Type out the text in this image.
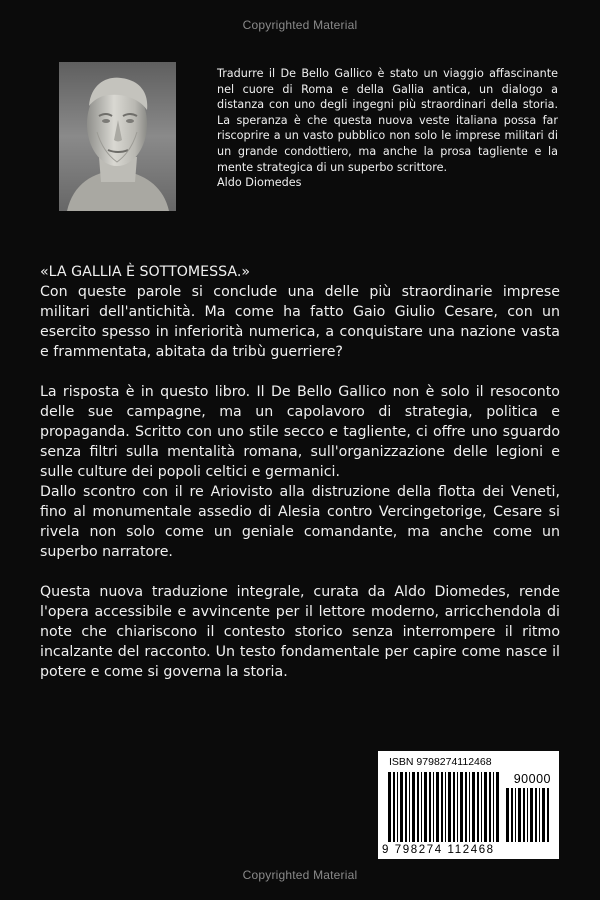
Copyrighted Material

Tradurre il De Bello Gallico è stato un viaggio affascinante nel cuore di Roma e della Gallia antica, un dialogo a distanza con uno degli ingegni più straordinari della storia. La speranza è che questa nuova veste italiana possa far riscoprire a un vasto pubblico non solo le imprese militari di un grande condottiero, ma anche la prosa tagliente e la mente strategica di un superbo scrittore.

Aldo Diomedes

«LA GALLIA È SOTTOMESSA.»

Con queste parole si conclude una delle più straordinarie imprese militari dell'antichità. Ma come ha fatto Gaio Giulio Cesare, con un esercito spesso in inferiorità numerica, a conquistare una nazione vasta e frammentata, abitata da tribù guerriere?

La risposta è in questo libro. Il De Bello Gallico non è solo il resoconto delle sue campagne, ma un capolavoro di strategia, politica e propaganda. Scritto con uno stile secco e tagliente, ci offre uno sguardo senza filtri sulla mentalità romana, sull'organizzazione delle legioni e sulle culture dei popoli celtici e germanici.

Dallo scontro con il re Ariovisto alla distruzione della flotta dei Veneti, fino al monumentale assedio di Alesia contro Vercingetorige, Cesare si rivela non solo come un geniale comandante, ma anche come un superbo narratore.

Questa nuova traduzione integrale, curata da Aldo Diomedes, rende l'opera accessibile e avvincente per il lettore moderno, arricchendola di note che chiariscono il contesto storico senza interrompere il ritmo incalzante del racconto. Un testo fondamentale per capire come nasce il potere e come si governa la storia.

ISBN 9798274112468
90000
9 798274 112468
Copyrighted Material
